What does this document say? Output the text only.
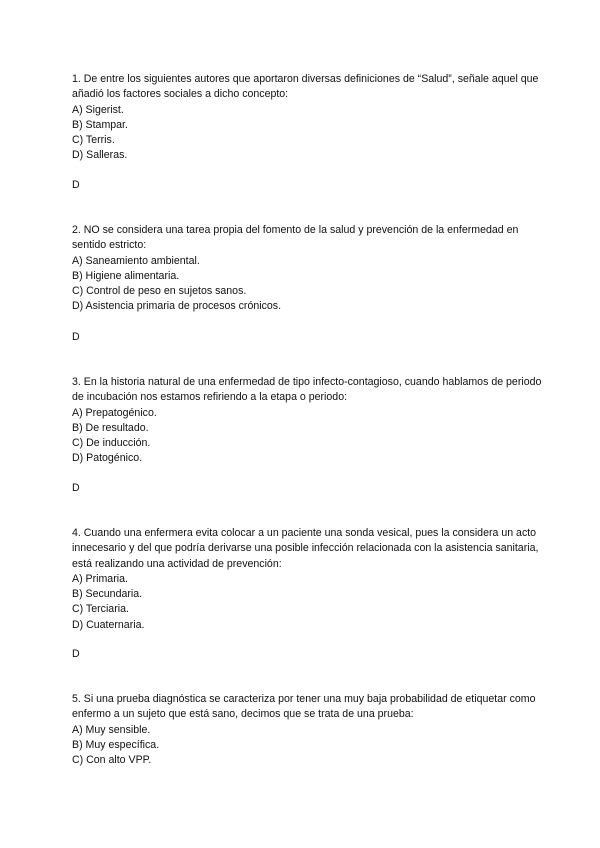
1. De entre los siguientes autores que aportaron diversas definiciones de “Salud”, señale aquel que añadió los factores sociales a dicho concepto:

A) Sigerist.
B) Stampar.
C) Terris.
D) Salleras.
D

2. NO se considera una tarea propia del fomento de la salud y prevención de la enfermedad en sentido estricto:

A) Saneamiento ambiental.
B) Higiene alimentaria.
C) Control de peso en sujetos sanos.
D) Asistencia primaria de procesos crónicos.
D

3. En la historia natural de una enfermedad de tipo infecto-contagioso, cuando hablamos de periodo de incubación nos estamos refiriendo a la etapa o periodo:

A) Prepatogénico.
B) De resultado.
C) De inducción.
D) Patogénico.
D

4. Cuando una enfermera evita colocar a un paciente una sonda vesical, pues la considera un acto innecesario y del que podría derivarse una posible infección relacionada con la asistencia sanitaria, está realizando una actividad de prevención:

A) Primaria.
B) Secundaria.
C) Terciaria.
D) Cuaternaria.
D

5. Si una prueba diagnóstica se caracteriza por tener una muy baja probabilidad de etiquetar como enfermo a un sujeto que está sano, decimos que se trata de una prueba:

A) Muy sensible.
B) Muy específica.
C) Con alto VPP.
